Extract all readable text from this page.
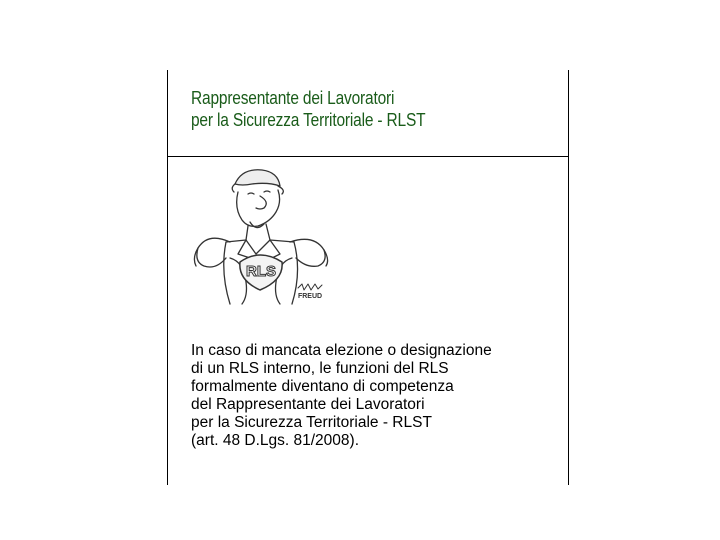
Rappresentante dei Lavoratori
per la Sicurezza Territoriale - RLST
RLS
FREUD
In caso di mancata elezione o designazione
di un RLS interno, le funzioni del RLS
formalmente diventano di competenza
del Rappresentante dei Lavoratori
per la Sicurezza Territoriale - RLST
(art. 48 D.Lgs. 81/2008).
